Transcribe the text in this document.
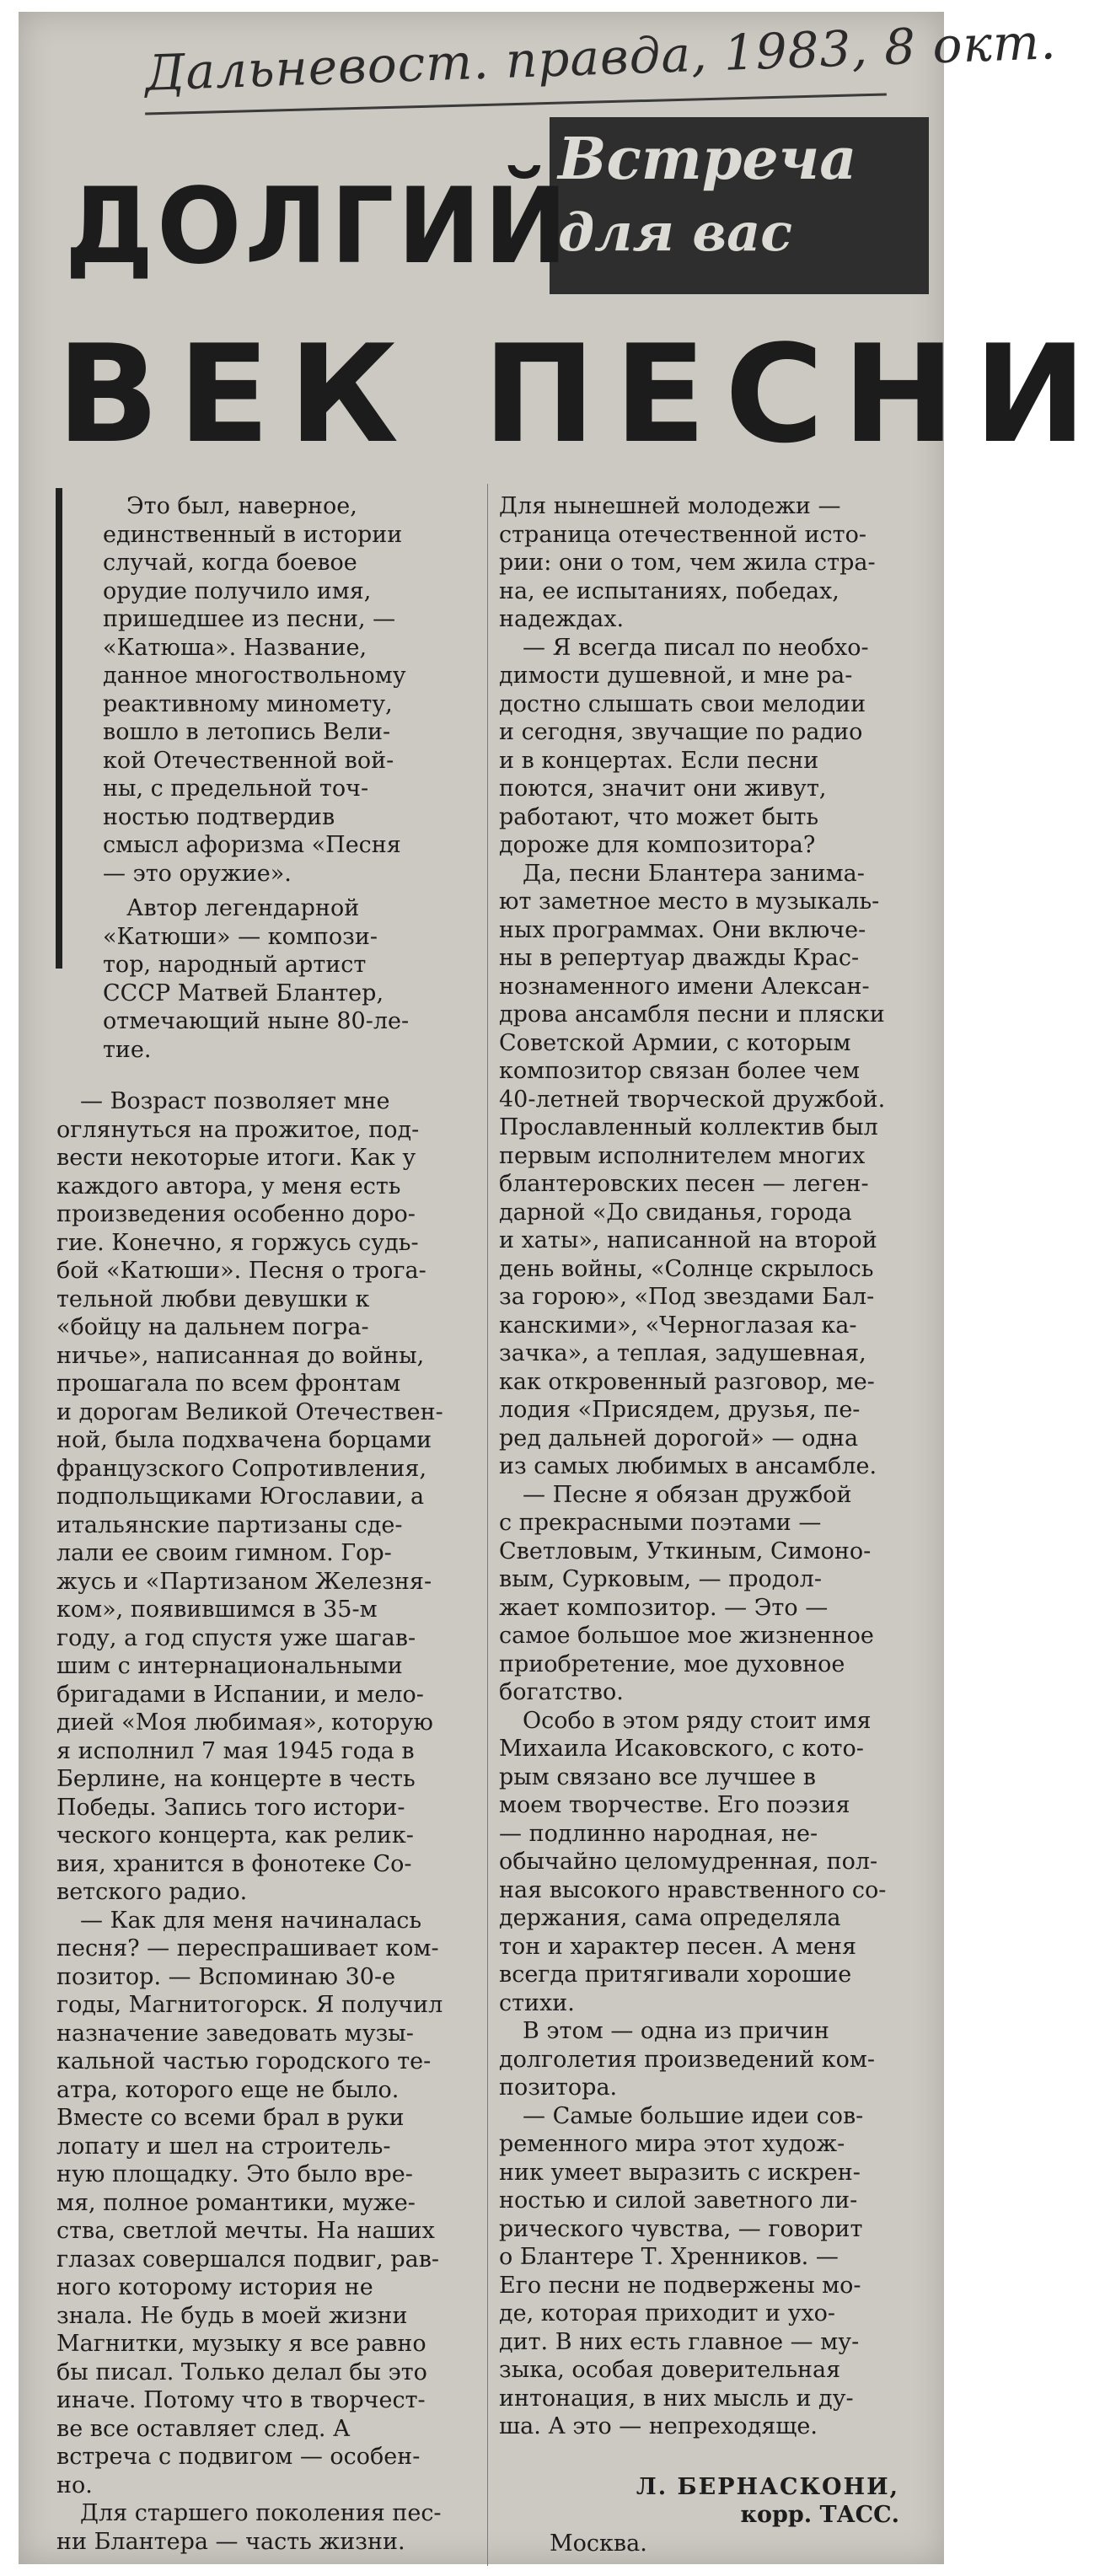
Дальневост. правда, 1983, 8 окт.
Встреча
для вас
ДОЛГИЙ
ВЕК ПЕСНИ
Это был, наверное,
единственный в истории
случай, когда боевое
орудие получило имя,
пришедшее из песни, —
«Катюша». Название,
данное многоствольному
реактивному миномету,
вошло в летопись Вели-
кой Отечественной вой-
ны, с предельной точ-
ностью подтвердив
смысл афоризма «Песня
— это оружие».
Автор легендарной
«Катюши» — компози-
тор, народный артист
СССР Матвей Блантер,
отмечающий ныне 80-ле-
тие.
— Возраст позволяет мне
оглянуться на прожитое, под-
вести некоторые итоги. Как у
каждого автора, у меня есть
произведения особенно доро-
гие. Конечно, я горжусь судь-
бой «Катюши». Песня о трога-
тельной любви девушки к
«бойцу на дальнем погра-
ничье», написанная до войны,
прошагала по всем фронтам
и дорогам Великой Отечествен-
ной, была подхвачена борцами
французского Сопротивления,
подпольщиками Югославии, а
итальянские партизаны сде-
лали ее своим гимном. Гор-
жусь и «Партизаном Железня-
ком», появившимся в 35-м
году, а год спустя уже шагав-
шим с интернациональными
бригадами в Испании, и мело-
дией «Моя любимая», которую
я исполнил 7 мая 1945 года в
Берлине, на концерте в честь
Победы. Запись того истори-
ческого концерта, как релик-
вия, хранится в фонотеке Со-
ветского радио.
— Как для меня начиналась
песня? — переспрашивает ком-
позитор. — Вспоминаю 30-е
годы, Магнитогорск. Я получил
назначение заведовать музы-
кальной частью городского те-
атра, которого еще не было.
Вместе со всеми брал в руки
лопату и шел на строитель-
ную площадку. Это было вре-
мя, полное романтики, муже-
ства, светлой мечты. На наших
глазах совершался подвиг, рав-
ного которому история не
знала. Не будь в моей жизни
Магнитки, музыку я все равно
бы писал. Только делал бы это
иначе. Потому что в творчест-
ве все оставляет след. А
встреча с подвигом — особен-
но.
Для старшего поколения пес-
ни Блантера — часть жизни.
Для нынешней молодежи —
страница отечественной исто-
рии: они о том, чем жила стра-
на, ее испытаниях, победах,
надеждах.
— Я всегда писал по необхо-
димости душевной, и мне ра-
достно слышать свои мелодии
и сегодня, звучащие по радио
и в концертах. Если песни
поются, значит они живут,
работают, что может быть
дороже для композитора?
Да, песни Блантера занима-
ют заметное место в музыкаль-
ных программах. Они включе-
ны в репертуар дважды Крас-
нознаменного имени Алексан-
дрова ансамбля песни и пляски
Советской Армии, с которым
композитор связан более чем
40-летней творческой дружбой.
Прославленный коллектив был
первым исполнителем многих
блантеровских песен — леген-
дарной «До свиданья, города
и хаты», написанной на второй
день войны, «Солнце скрылось
за горою», «Под звездами Бал-
канскими», «Черноглазая ка-
зачка», а теплая, задушевная,
как откровенный разговор, ме-
лодия «Присядем, друзья, пе-
ред дальней дорогой» — одна
из самых любимых в ансамбле.
— Песне я обязан дружбой
с прекрасными поэтами —
Светловым, Уткиным, Симоно-
вым, Сурковым, — продол-
жает композитор. — Это —
самое большое мое жизненное
приобретение, мое духовное
богатство.
Особо в этом ряду стоит имя
Михаила Исаковского, с кото-
рым связано все лучшее в
моем творчестве. Его поэзия
— подлинно народная, не-
обычайно целомудренная, пол-
ная высокого нравственного со-
держания, сама определяла
тон и характер песен. А меня
всегда притягивали хорошие
стихи.
В этом — одна из причин
долголетия произведений ком-
позитора.
— Самые большие идеи сов-
ременного мира этот худож-
ник умеет выразить с искрен-
ностью и силой заветного ли-
рического чувства, — говорит
о Блантере Т. Хренников. —
Его песни не подвержены мо-
де, которая приходит и ухо-
дит. В них есть главное — му-
зыка, особая доверительная
интонация, в них мысль и ду-
ша. А это — непреходяще.
Л. БЕРНАСКОНИ,
корр. ТАСС.
Москва.
